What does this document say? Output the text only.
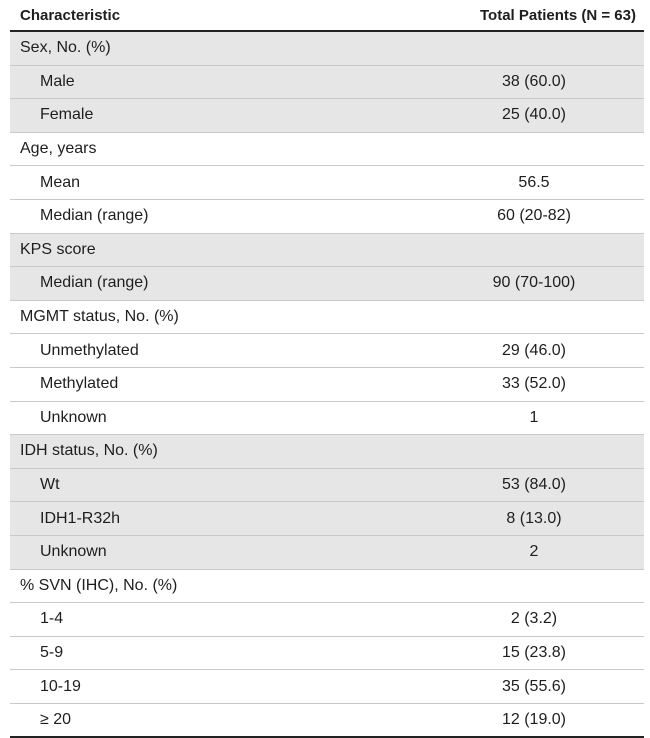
Characteristic	Total Patients (N = 63)
Sex, No. (%)
Male	38 (60.0)
Female	25 (40.0)
Age, years
Mean	56.5
Median (range)	60 (20-82)
KPS score
Median (range)	90 (70-100)
MGMT status, No. (%)
Unmethylated	29 (46.0)
Methylated	33 (52.0)
Unknown	1
IDH status, No. (%)
Wt	53 (84.0)
IDH1-R32h	8 (13.0)
Unknown	2
% SVN (IHC), No. (%)
1-4	2 (3.2)
5-9	15 (23.8)
10-19	35 (55.6)
≥ 20	12 (19.0)
